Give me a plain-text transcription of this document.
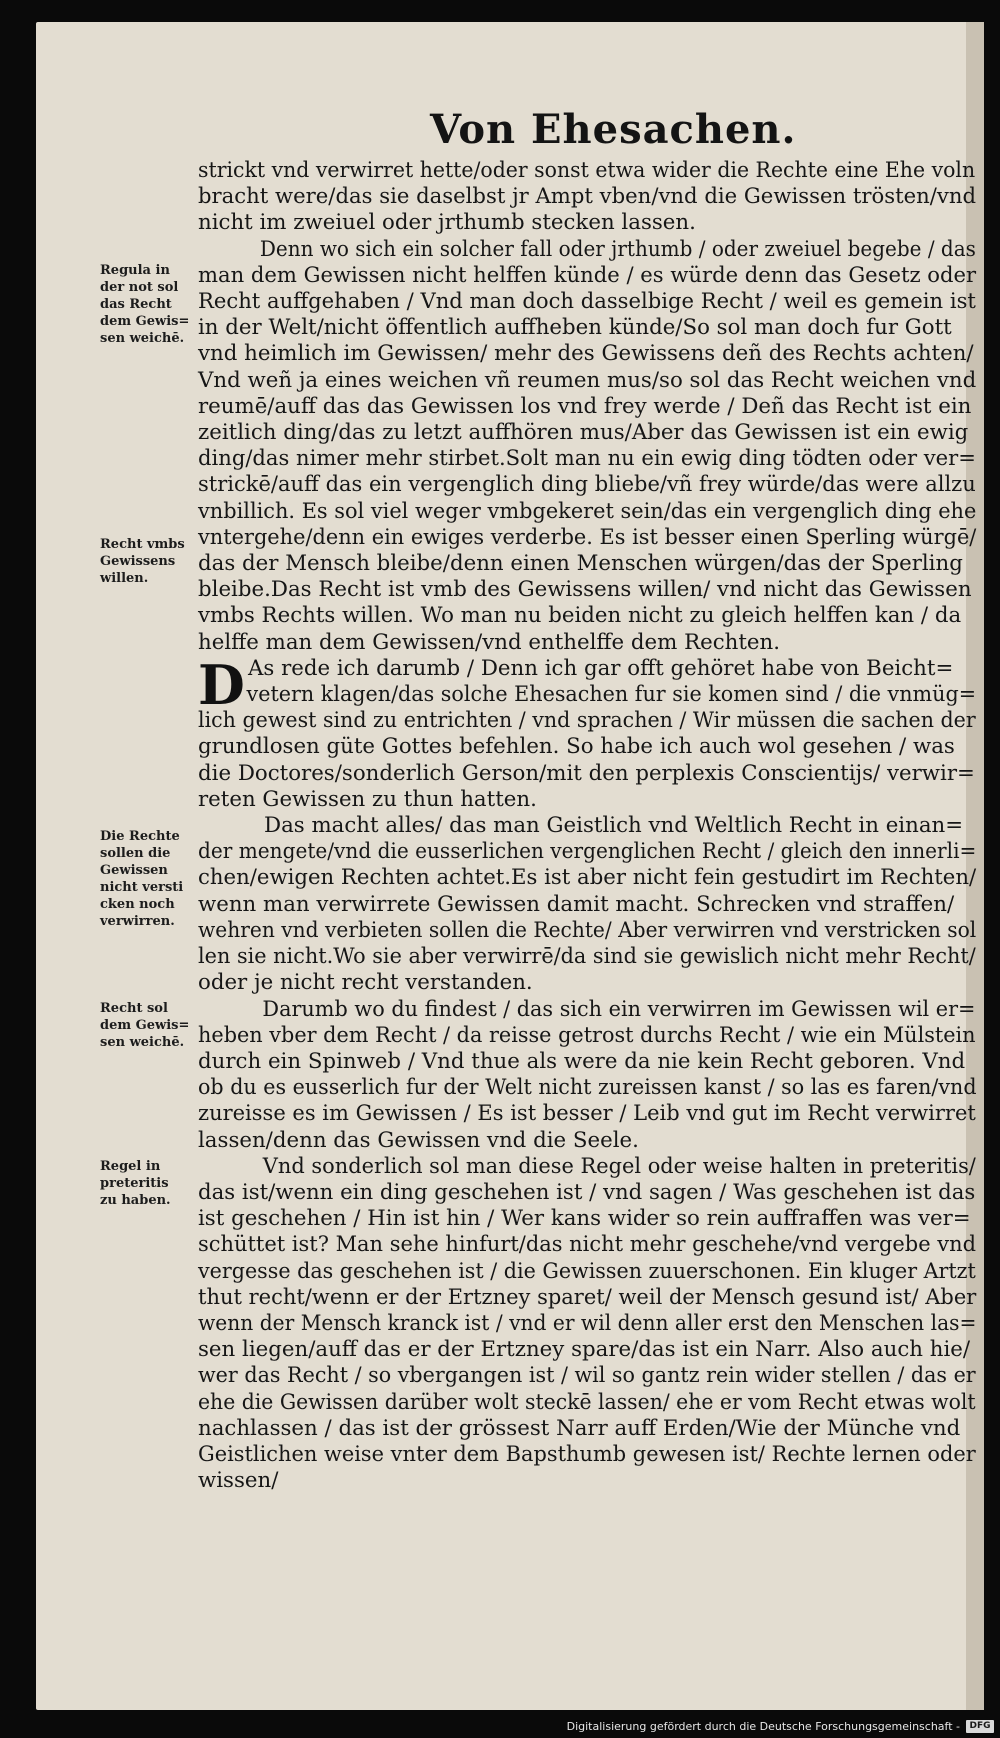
Von Ehesachen.
strickt vnd verwirret hette/oder sonst etwa wider die Rechte eine Ehe voln
bracht were/das sie daselbst jr Ampt vben/vnd die Gewissen trösten/vnd
nicht im zweiuel oder jrthumb stecken lassen.
Denn wo sich ein solcher fall oder jrthumb / oder zweiuel begebe / das
man dem Gewissen nicht helffen künde / es würde denn das Gesetz oder
Recht auffgehaben / Vnd man doch dasselbige Recht / weil es gemein ist
in der Welt/nicht öffentlich auffheben künde/So sol man doch fur Gott
vnd heimlich im Gewissen/ mehr des Gewissens deñ des Rechts achten/
Vnd weñ ja eines weichen vñ reumen mus/so sol das Recht weichen vnd
reumē/auff das das Gewissen los vnd frey werde / Deñ das Recht ist ein
zeitlich ding/das zu letzt auffhören mus/Aber das Gewissen ist ein ewig
ding/das nimer mehr stirbet.Solt man nu ein ewig ding tödten oder ver=
strickē/auff das ein vergenglich ding bliebe/vñ frey würde/das were allzu
vnbillich. Es sol viel weger vmbgekeret sein/das ein vergenglich ding ehe
vntergehe/denn ein ewiges verderbe. Es ist besser einen Sperling würgē/
das der Mensch bleibe/denn einen Menschen würgen/das der Sperling
bleibe.Das Recht ist vmb des Gewissens willen/ vnd nicht das Gewissen
vmbs Rechts willen. Wo man nu beiden nicht zu gleich helffen kan / da
helffe man dem Gewissen/vnd enthelffe dem Rechten.
As rede ich darumb / Denn ich gar offt gehöret habe von Beicht=
vetern klagen/das solche Ehesachen fur sie komen sind / die vnmüg=
lich gewest sind zu entrichten / vnd sprachen / Wir müssen die sachen der
grundlosen güte Gottes befehlen. So habe ich auch wol gesehen / was
die Doctores/sonderlich Gerson/mit den perplexis Conscientijs/ verwir=
reten Gewissen zu thun hatten.
Das macht alles/ das man Geistlich vnd Weltlich Recht in einan=
der mengete/vnd die eusserlichen vergenglichen Recht / gleich den innerli=
chen/ewigen Rechten achtet.Es ist aber nicht fein gestudirt im Rechten/
wenn man verwirrete Gewissen damit macht. Schrecken vnd straffen/
wehren vnd verbieten sollen die Rechte/ Aber verwirren vnd verstricken sol
len sie nicht.Wo sie aber verwirrē/da sind sie gewislich nicht mehr Recht/
oder je nicht recht verstanden.
Darumb wo du findest / das sich ein verwirren im Gewissen wil er=
heben vber dem Recht / da reisse getrost durchs Recht / wie ein Mülstein
durch ein Spinweb / Vnd thue als were da nie kein Recht geboren. Vnd
ob du es eusserlich fur der Welt nicht zureissen kanst / so las es faren/vnd
zureisse es im Gewissen / Es ist besser / Leib vnd gut im Recht verwirret
lassen/denn das Gewissen vnd die Seele.
Vnd sonderlich sol man diese Regel oder weise halten in preteritis/
das ist/wenn ein ding geschehen ist / vnd sagen / Was geschehen ist das
ist geschehen / Hin ist hin / Wer kans wider so rein auffraffen was ver=
schüttet ist? Man sehe hinfurt/das nicht mehr geschehe/vnd vergebe vnd
vergesse das geschehen ist / die Gewissen zuuerschonen. Ein kluger Artzt
thut recht/wenn er der Ertzney sparet/ weil der Mensch gesund ist/ Aber
wenn der Mensch kranck ist / vnd er wil denn aller erst den Menschen las=
sen liegen/auff das er der Ertzney spare/das ist ein Narr. Also auch hie/
wer das Recht / so vbergangen ist / wil so gantz rein wider stellen / das er
ehe die Gewissen darüber wolt steckē lassen/ ehe er vom Recht etwas wolt
nachlassen / das ist der grössest Narr auff Erden/Wie der Münche vnd
Geistlichen weise vnter dem Bapsthumb gewesen ist/ Rechte lernen oder
wissen/
D
Regula in
der not sol
das Recht
dem Gewis=
sen weichē.
Recht vmbs
Gewissens
willen.
Die Rechte
sollen die
Gewissen
nicht versti
cken noch
verwirren.
Recht sol
dem Gewis=
sen weichē.
Regel in
preteritis
zu haben.
Digitalisierung gefördert durch die Deutsche Forschungsgemeinschaft -	DFG
